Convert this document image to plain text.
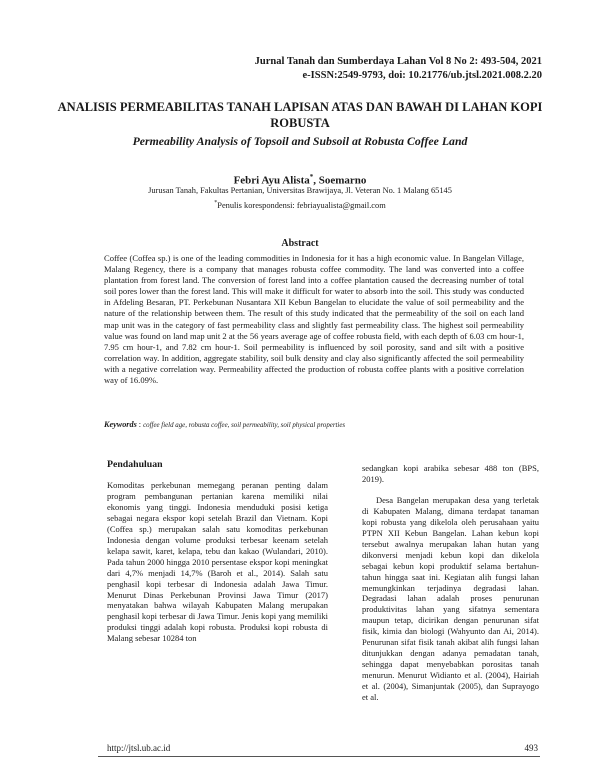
Jurnal Tanah dan Sumberdaya Lahan Vol 8 No 2: 493-504, 2021
e-ISSN:2549-9793, doi: 10.21776/ub.jtsl.2021.008.2.20
ANALISIS PERMEABILITAS TANAH LAPISAN ATAS DAN BAWAH DI LAHAN KOPI ROBUSTA
Permeability Analysis of Topsoil and Subsoil at Robusta Coffee Land
Febri Ayu Alista*, Soemarno
Jurusan Tanah, Fakultas Pertanian, Universitas Brawijaya, Jl. Veteran No. 1 Malang 65145
*Penulis korespondensi: febriayualista@gmail.com
Abstract

Coffee (Coffea sp.) is one of the leading commodities in Indonesia for it has a high economic value. In Bangelan Village, Malang Regency, there is a company that manages robusta coffee commodity. The land was converted into a coffee plantation from forest land. The conversion of forest land into a coffee plantation caused the decreasing number of total soil pores lower than the forest land. This will make it difficult for water to absorb into the soil. This study was conducted in Afdeling Besaran, PT. Perkebunan Nusantara XII Kebun Bangelan to elucidate the value of soil permeability and the nature of the relationship between them. The result of this study indicated that the permeability of the soil on each land map unit was in the category of fast permeability class and slightly fast permeability class. The highest soil permeability value was found on land map unit 2 at the 56 years average age of coffee robusta field, with each depth of 6.03 cm hour-1, 7.95 cm hour-1, and 7.82 cm hour-1. Soil permeability is influenced by soil porosity, sand and silt with a positive correlation way. In addition, aggregate stability, soil bulk density and clay also significantly affected the soil permeability with a negative correlation way. Permeability affected the production of robusta coffee plants with a positive correlation way of 16.09%.

Keywords : coffee field age, robusta coffee, soil permeability, soil physical properties
Pendahuluan

Komoditas perkebunan memegang peranan penting dalam program pembangunan pertanian karena memiliki nilai ekonomis yang tinggi. Indonesia menduduki posisi ketiga sebagai negara ekspor kopi setelah Brazil dan Vietnam. Kopi (Coffea sp.) merupakan salah satu komoditas perkebunan Indonesia dengan volume produksi terbesar keenam setelah kelapa sawit, karet, kelapa, tebu dan kakao (Wulandari, 2010). Pada tahun 2000 hingga 2010 persentase ekspor kopi meningkat dari 4,7% menjadi 14,7% (Baroh et al., 2014). Salah satu penghasil kopi terbesar di Indonesia adalah Jawa Timur. Menurut Dinas Perkebunan Provinsi Jawa Timur (2017) menyatakan bahwa wilayah Kabupaten Malang merupakan penghasil kopi terbesar di Jawa Timur. Jenis kopi yang memiliki produksi tinggi adalah kopi robusta. Produksi kopi robusta di Malang sebesar 10284 ton

sedangkan kopi arabika sebesar 488 ton (BPS, 2019).

Desa Bangelan merupakan desa yang terletak di Kabupaten Malang, dimana terdapat tanaman kopi robusta yang dikelola oleh perusahaan yaitu PTPN XII Kebun Bangelan. Lahan kebun kopi tersebut awalnya merupakan lahan hutan yang dikonversi menjadi kebun kopi dan dikelola sebagai kebun kopi produktif selama bertahun-tahun hingga saat ini. Kegiatan alih fungsi lahan memungkinkan terjadinya degradasi lahan. Degradasi lahan adalah proses penurunan produktivitas lahan yang sifatnya sementara maupun tetap, dicirikan dengan penurunan sifat fisik, kimia dan biologi (Wahyunto dan Ai, 2014). Penurunan sifat fisik tanah akibat alih fungsi lahan ditunjukkan dengan adanya pemadatan tanah, sehingga dapat menyebabkan porositas tanah menurun. Menurut Widianto et al. (2004), Hairiah et al. (2004), Simanjuntak (2005), dan Suprayogo et al.

http://jtsl.ub.ac.id	493
